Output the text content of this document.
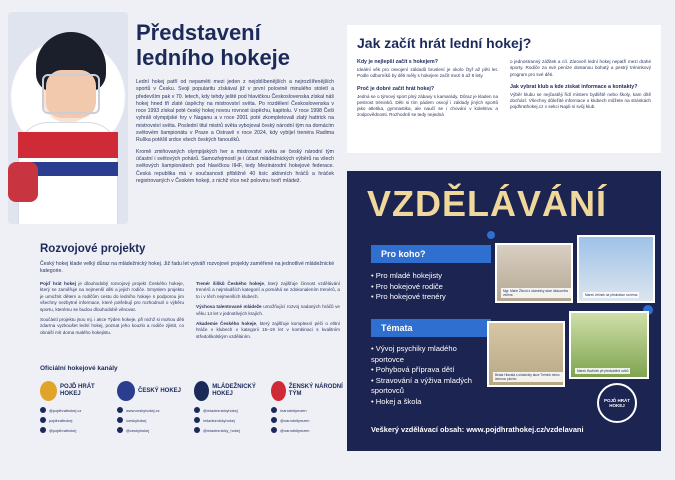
Představení
ledního hokeje

Lední hokej patří od nepaměti mezi jeden z nejoblíbenějších a nejrozšířenějších sportů v Česku. Svoji popularitu získával již v první polovině minulého století a především pak v 70. letech, kdy tehdy ještě pod hlavičkou Československa získal náš hokej hned tři zlaté úspěchy na mistrovství světa. Po rozdělení Československa v roce 1993 získal poté český hokej novou rovnost úspěchu, kapitolu. V roce 1998 Češi vyhráli olympijské hry v Naganu a v roce 2001 poté zkompletovali zlatý hattrick na mistrovství světa. Poslední titul mistrů světa vybojoval český národní tým na domácím světovém šampionátu v Praze a Ostravě v roce 2024, kdy vybíjel trenéra Radima Rulíka potěšil srdce všech českých fanoušků.

Kromě zmiňovaných olympijských her a mistrovství světa se český národní tým účastní i světových pohárů. Samozřejmostí je i účast mládežnických výběrů na všech světových šampionátech pod hlavičkou IIHF, tedy Mezinárodní hokejové federace. Česká republika má v současnosti přibližně 40 tisíc aktivních hráčů a hráček registrovaných v Českém hokeji, z nichž více než polovinu tvoří mládež.

Rozvojové projekty
Český hokej klade velký důraz na mládežnický hokej. Již řadu let vytváří rozvojové projekty zaměřené na jednotlivé mládežnické kategorie.

Pojď hrát hokej je dlouhodobý rozvojový projekt Českého hokeje, který se zaměřuje na nejmenší děti a jejich rodiče. Smyslem projektu je umožnit dětem a rodičům cestu do ledního hokeje s podporou jim všechny nezbytné informace, které potřebují pro rozhodnutí o výběru sportu, kterému se budou dlouhodobě věnovat.

Součástí projektu jsou mj. i akce Týden hokeje, při nichž si mohou děti zdarma vyzkoušet lední hokej, poznat jeho kouzlo a rodiče zjistit, co obnáší mít doma malého hokejistu.

Trenér šišků Českého hokeje, který zajišťuje činnost vzdělávání trenérů a nejmladších kategorií a pomáhá se zdokonalením trenérů, a to i v těch nejmenších klubech.

Výchova talentované mládeže umožňující rozvoj nadaných hráčů ve věku 14 let v jednotlivých krajích.

Akademie Českého hokeje, který zajišťuje komplexní péči o elitní hráče v klubech v kategorii 15–19 let v kombinaci s kvalitním středoškolským vzděláním.

Oficiální hokejové kanály
POJĎ HRÁT HOKEJ
@pojdhrathokej.cz
pojdhrathokej
@pojdhrathokej
ČESKÝ HOKEJ
www.ceskyhokej.cz
/ceskyhokej
@ceskyhokej
MLÁDEŽNICKÝ HOKEJ
@mladeznickyhokej
/mladeznickyhokej
@mladeznicky_hokej
ŽENSKÝ NÁRODNÍ TÝM
/narodnitymzen
@narodnitymzen
@narodnitymzen
Jak začít hrát lední hokej?
Kdy je nejlepší začít s hokejem?

Ideální věk pro osvojení základů bruslení je okolo čtyř až pěti let. Podle odborníků by děti měly s hokejem začít mezi 6 až 8 lety.

Proč je dobré začít hrát hokej?

Jedná se o týmový sport plný zábavy s kamarády. Důraz je kladen na pestrost tréninků. Děti si tím pádem osvojí i základy jiných sportů jako atletika, gymnastika, ale naučí se i chování v kolektivu a zodpovědnosti. Rozhodně se tedy nejedná

o jednostranný zážitek a cíl. Zároveň lední hokej nepatří mezi drahé sporty. Rodiče za své peníze dostanou bohatý a pestrý tréninkový program pro své děti.

Jak vybrat klub a kde získat informace a kontakty?

Výběr klubu se nejčastěji řídí místem bydliště nebo školy, kam dítě dochází. Všechny důležité informace o klubech můžete na stránkách pojdhrathokej.cz v sekci Najdi si svůj klub.

VZDĚLÁVÁNÍ
Pro koho?
• Pro mladé hokejisty
• Pro hokejové rodiče
• Pro hokejové trenéry
Témata
• Vývoj psychiky mladého sportovce
• Pohybová příprava dětí
• Stravování a výživa mladých sportovců
• Hokej a škola
Mgr. Marie Žitová s účastníky akce diskuzního večera	Marek Jelínek na přednášce na téma
Beata Hlavatá s účastníky akce Trénink mimo ledovou plochu
Marek Havlíček při předvádění cviků
POJĎ HRÁT HOKEJ
Veškerý vzdělávací obsah: www.pojdhrathokej.cz/vzdelavani
